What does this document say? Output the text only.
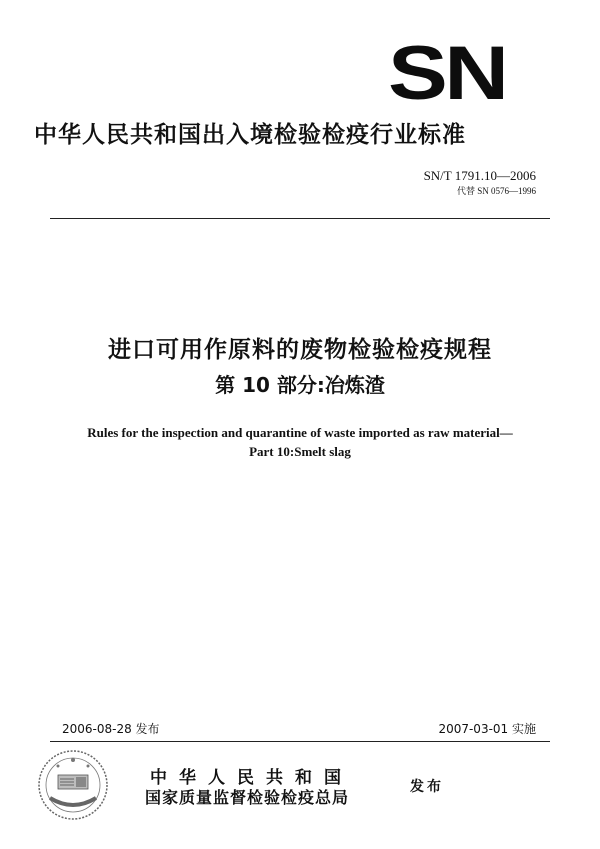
SN
中华人民共和国出入境检验检疫行业标准
SN/T 1791.10—2006
代替 SN 0576—1996
进口可用作原料的废物检验检疫规程
第 10 部分:冶炼渣
Rules for the inspection and quarantine of waste imported as raw material—
Part 10:Smelt slag
2006-08-28 发布	2007-03-01 实施
中华人民共和国
国家质量监督检验检疫总局
发布
